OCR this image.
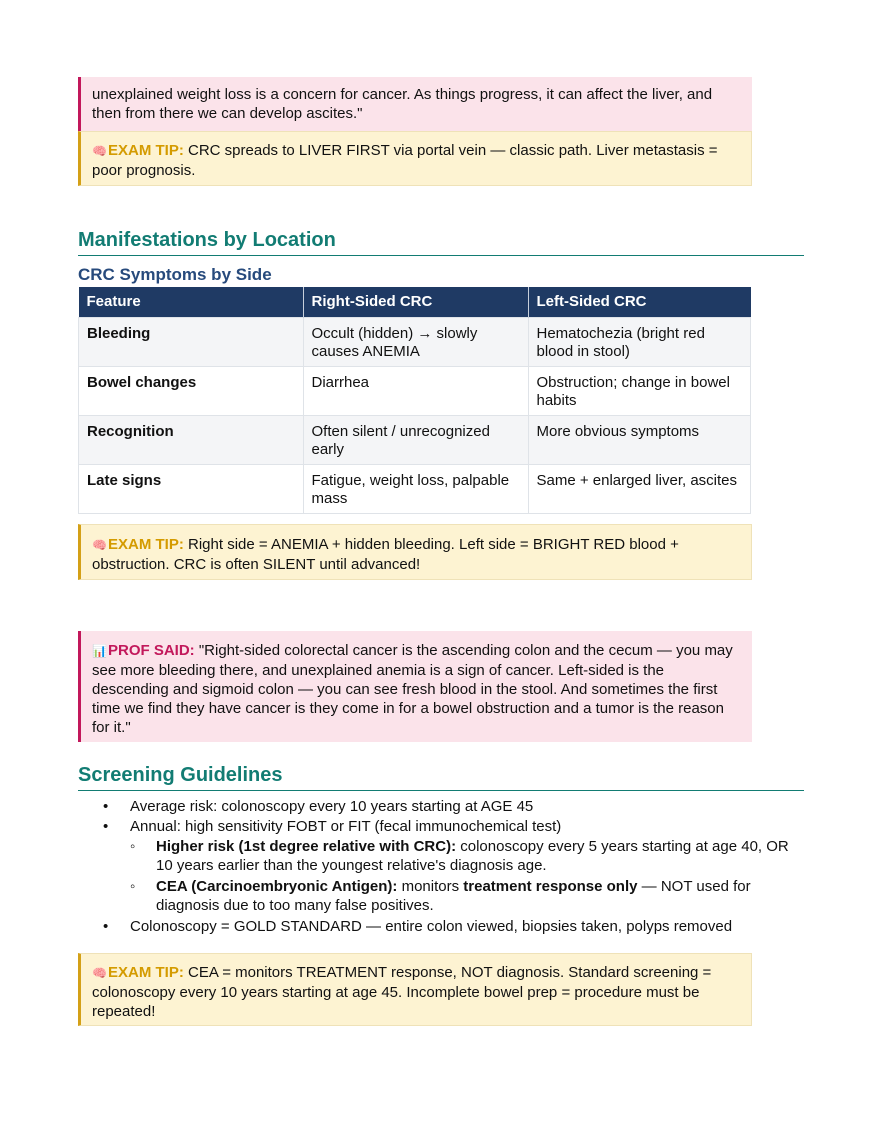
unexplained weight loss is a concern for cancer. As things progress, it can affect the liver, and then from there we can develop ascites."
🧠EXAM TIP: CRC spreads to LIVER FIRST via portal vein — classic path. Liver metastasis = poor prognosis.
Manifestations by Location
CRC Symptoms by Side
Feature	Right-Sided CRC	Left-Sided CRC
Bleeding	Occult (hidden) → slowly causes ANEMIA	Hematochezia (bright red blood in stool)
Bowel changes	Diarrhea	Obstruction; change in bowel habits
Recognition	Often silent / unrecognized early	More obvious symptoms
Late signs	Fatigue, weight loss, palpable mass	Same + enlarged liver, ascites
🧠EXAM TIP: Right side = ANEMIA + hidden bleeding. Left side = BRIGHT RED blood + obstruction. CRC is often SILENT until advanced!
📊PROF SAID: "Right-sided colorectal cancer is the ascending colon and the cecum — you may see more bleeding there, and unexplained anemia is a sign of cancer. Left-sided is the descending and sigmoid colon — you can see fresh blood in the stool. And sometimes the first time we find they have cancer is they come in for a bowel obstruction and a tumor is the reason for it."
Screening Guidelines
• Average risk: colonoscopy every 10 years starting at AGE 45
• Annual: high sensitivity FOBT or FIT (fecal immunochemical test)
◦ Higher risk (1st degree relative with CRC): colonoscopy every 5 years starting at age 40, OR 10 years earlier than the youngest relative's diagnosis age.
◦ CEA (Carcinoembryonic Antigen): monitors treatment response only — NOT used for diagnosis due to too many false positives.
• Colonoscopy = GOLD STANDARD — entire colon viewed, biopsies taken, polyps removed
🧠EXAM TIP: CEA = monitors TREATMENT response, NOT diagnosis. Standard screening = colonoscopy every 10 years starting at age 45. Incomplete bowel prep = procedure must be repeated!
